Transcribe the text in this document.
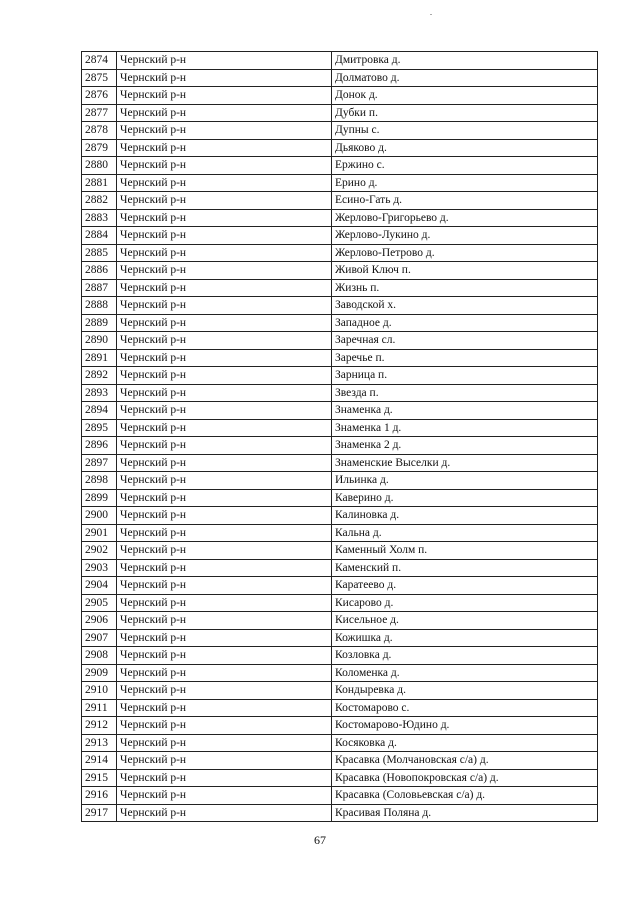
2874	Чернский р-н	Дмитровка д.
2875	Чернский р-н	Долматово д.
2876	Чернский р-н	Донок д.
2877	Чернский р-н	Дубки п.
2878	Чернский р-н	Дупны с.
2879	Чернский р-н	Дьяково д.
2880	Чернский р-н	Ержино с.
2881	Чернский р-н	Ерино д.
2882	Чернский р-н	Есино-Гать д.
2883	Чернский р-н	Жерлово-Григорьево д.
2884	Чернский р-н	Жерлово-Лукино д.
2885	Чернский р-н	Жерлово-Петрово д.
2886	Чернский р-н	Живой Ключ п.
2887	Чернский р-н	Жизнь п.
2888	Чернский р-н	Заводской х.
2889	Чернский р-н	Западное д.
2890	Чернский р-н	Заречная сл.
2891	Чернский р-н	Заречье п.
2892	Чернский р-н	Зарница п.
2893	Чернский р-н	Звезда п.
2894	Чернский р-н	Знаменка д.
2895	Чернский р-н	Знаменка 1 д.
2896	Чернский р-н	Знаменка 2 д.
2897	Чернский р-н	Знаменские Выселки д.
2898	Чернский р-н	Ильинка д.
2899	Чернский р-н	Каверино д.
2900	Чернский р-н	Калиновка д.
2901	Чернский р-н	Кальна д.
2902	Чернский р-н	Каменный Холм п.
2903	Чернский р-н	Каменский п.
2904	Чернский р-н	Каратеево д.
2905	Чернский р-н	Кисарово д.
2906	Чернский р-н	Кисельное д.
2907	Чернский р-н	Кожишка д.
2908	Чернский р-н	Козловка д.
2909	Чернский р-н	Коломенка д.
2910	Чернский р-н	Кондыревка д.
2911	Чернский р-н	Костомарово с.
2912	Чернский р-н	Костомарово-Юдино д.
2913	Чернский р-н	Косяковка д.
2914	Чернский р-н	Красавка (Молчановская с/а) д.
2915	Чернский р-н	Красавка (Новопокровская с/а) д.
2916	Чернский р-н	Красавка (Соловьевская с/а) д.
2917	Чернский р-н	Красивая Поляна д.
67
